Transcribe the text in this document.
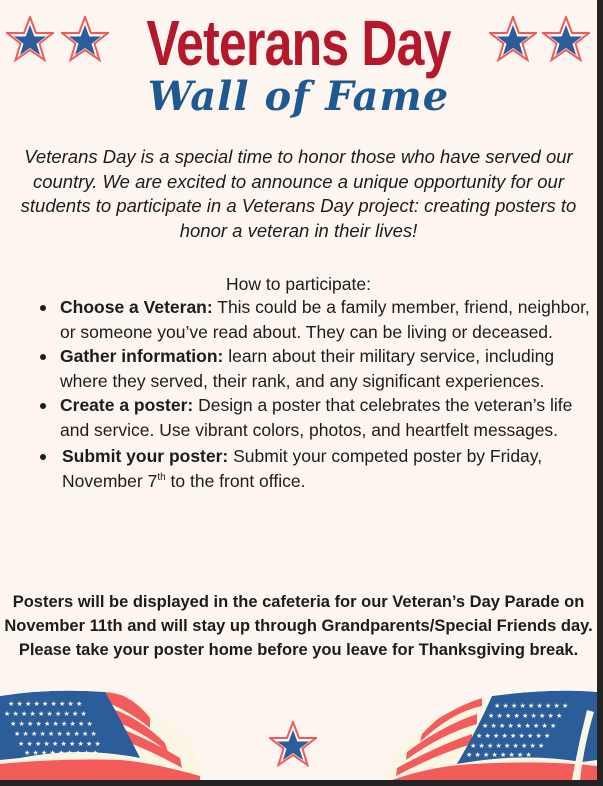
Veterans Day
Wall of Fame
Veterans Day is a special time to honor those who have served our country. We are excited to announce a unique opportunity for our students to participate in a Veterans Day project: creating posters to honor a veteran in their lives!
How to participate:
Choose a Veteran: This could be a family member, friend, neighbor, or someone you’ve read about. They can be living or deceased.
Gather information: learn about their military service, including where they served, their rank, and any significant experiences.
Create a poster: Design a poster that celebrates the veteran’s life and service. Use vibrant colors, photos, and heartfelt messages.
Submit your poster: Submit your competed poster by Friday, November 7th to the front office.
Posters will be displayed in the cafeteria for our Veteran’s Day Parade on November 11th and will stay up through Grandparents/Special Friends day. Please take your poster home before you leave for Thanksgiving break.
★ ★ ★ ★ ★ ★ ★ ★ ★
★ ★ ★ ★ ★ ★ ★ ★ ★ ★
★ ★ ★ ★ ★ ★ ★ ★ ★ ★
★ ★ ★ ★ ★ ★ ★ ★ ★ ★
★ ★ ★ ★ ★ ★ ★ ★ ★ ★
★ ★ ★ ★ ★ ★ ★ ★ ★
★ ★ ★ ★ ★ ★ ★ ★ ★
★ ★ ★ ★ ★ ★ ★ ★ ★
★ ★ ★ ★ ★ ★ ★ ★ ★
★ ★ ★ ★ ★ ★ ★ ★ ★
★ ★ ★ ★ ★ ★ ★ ★ ★
★ ★ ★ ★ ★ ★ ★ ★
